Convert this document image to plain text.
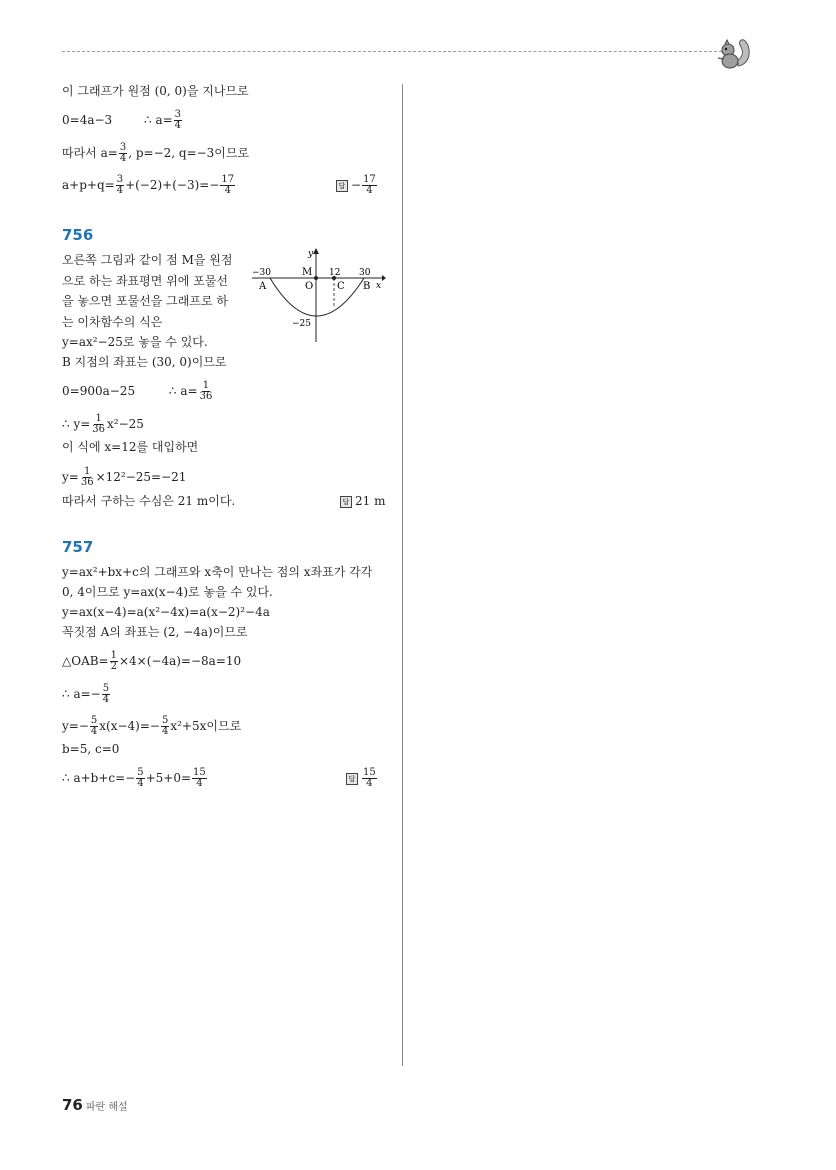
이 그래프가 원점 (0, 0)을 지나므로
0=4a−3	∴ $a= \frac{3}{4}$
따라서 $a= \frac{3}{4}$ , p=−2, q=−3이므로
$a+p+q= \frac{3}{4} +(-2)+(-3)=- \frac{17}{4}$	답 − $\frac{17}{4}$
756
오른쪽 그림과 같이 점 M을 원점
으로 하는 좌표평면 위에 포물선
을 놓으면 포물선을 그래프로 하
는 이차함수의 식은
y=ax²−25로 놓을 수 있다.
B 지점의 좌표는 (30, 0)이므로
0=900a−25	∴ $a= \frac{1}{36}$
∴ $y= \frac{1}{36} x^2-25$
이 식에 x=12를 대입하면
$y= \frac{1}{36} \times 12^2-25=-21$
따라서 구하는 수심은 21 m이다.	답 21 m
y
x
−30	M 12 30
A	O C B
−25
757
y=ax²+bx+c의 그래프와 x축이 만나는 점의 x좌표가 각각
0, 4이므로 y=ax(x−4)로 놓을 수 있다.
y=ax(x−4)=a(x²−4x)=a(x−2)²−4a
꼭짓점 A의 좌표는 (2, −4a)이므로
△OAB= $\frac{1}{2} \times 4\times(-4a)=-8a=10$
∴ $a=- \frac{5}{4}$
$y=- \frac{5}{4} x(x-4)=- \frac{5}{4} x^2+5x$이므로
b=5, c=0
∴ $a+b+c=- \frac{5}{4} +5+0= \frac{15}{4}$	답 $\frac{15}{4}$
76 파란 해설
